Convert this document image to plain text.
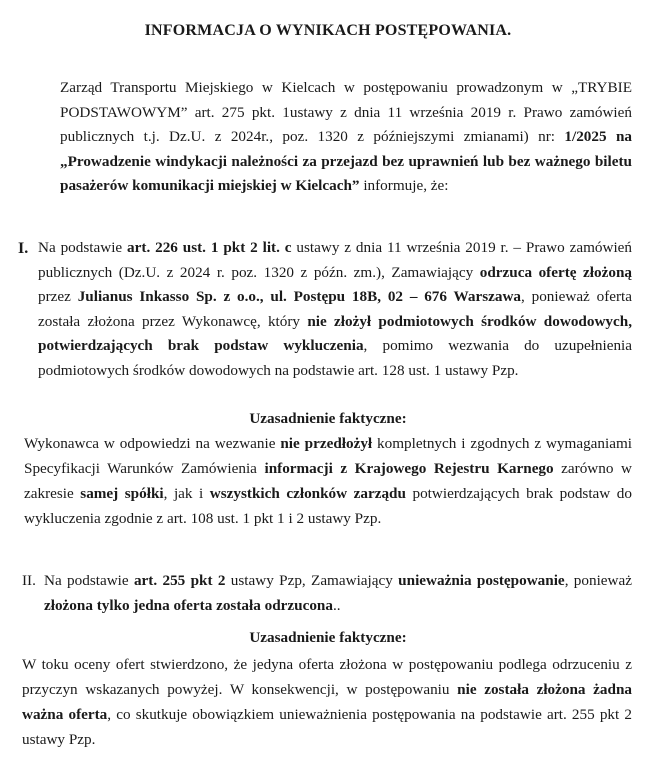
INFORMACJA O WYNIKACH POSTĘPOWANIA.
Zarząd Transportu Miejskiego w Kielcach w postępowaniu prowadzonym w „TRYBIE PODSTAWOWYM” art. 275 pkt. 1ustawy z dnia 11 września 2019 r. Prawo zamówień publicznych t.j. Dz.U. z 2024r., poz. 1320 z późniejszymi zmianami) nr: 1/2025 na „Prowadzenie windykacji należności za przejazd bez uprawnień lub bez ważnego biletu pasażerów komunikacji miejskiej w Kielcach” informuje, że:
I. Na podstawie art. 226 ust. 1 pkt 2 lit. c ustawy z dnia 11 września 2019 r. – Prawo zamówień publicznych (Dz.U. z 2024 r. poz. 1320 z późn. zm.), Zamawiający odrzuca ofertę złożoną przez Julianus Inkasso Sp. z o.o., ul. Postępu 18B, 02 – 676 Warszawa, ponieważ oferta została złożona przez Wykonawcę, który nie złożył podmiotowych środków dowodowych, potwierdzających brak podstaw wykluczenia, pomimo wezwania do uzupełnienia podmiotowych środków dowodowych na podstawie art. 128 ust. 1 ustawy Pzp.
Uzasadnienie faktyczne:
Wykonawca w odpowiedzi na wezwanie nie przedłożył kompletnych i zgodnych z wymaganiami Specyfikacji Warunków Zamówienia informacji z Krajowego Rejestru Karnego zarówno w zakresie samej spółki, jak i wszystkich członków zarządu potwierdzających brak podstaw do wykluczenia zgodnie z art. 108 ust. 1 pkt 1 i 2 ustawy Pzp.
II. Na podstawie art. 255 pkt 2 ustawy Pzp, Zamawiający unieważnia postępowanie, ponieważ złożona tylko jedna oferta została odrzucona..
Uzasadnienie faktyczne:
W toku oceny ofert stwierdzono, że jedyna oferta złożona w postępowaniu podlega odrzuceniu z przyczyn wskazanych powyżej. W konsekwencji, w postępowaniu nie została złożona żadna ważna oferta, co skutkuje obowiązkiem unieważnienia postępowania na podstawie art. 255 pkt 2 ustawy Pzp.
